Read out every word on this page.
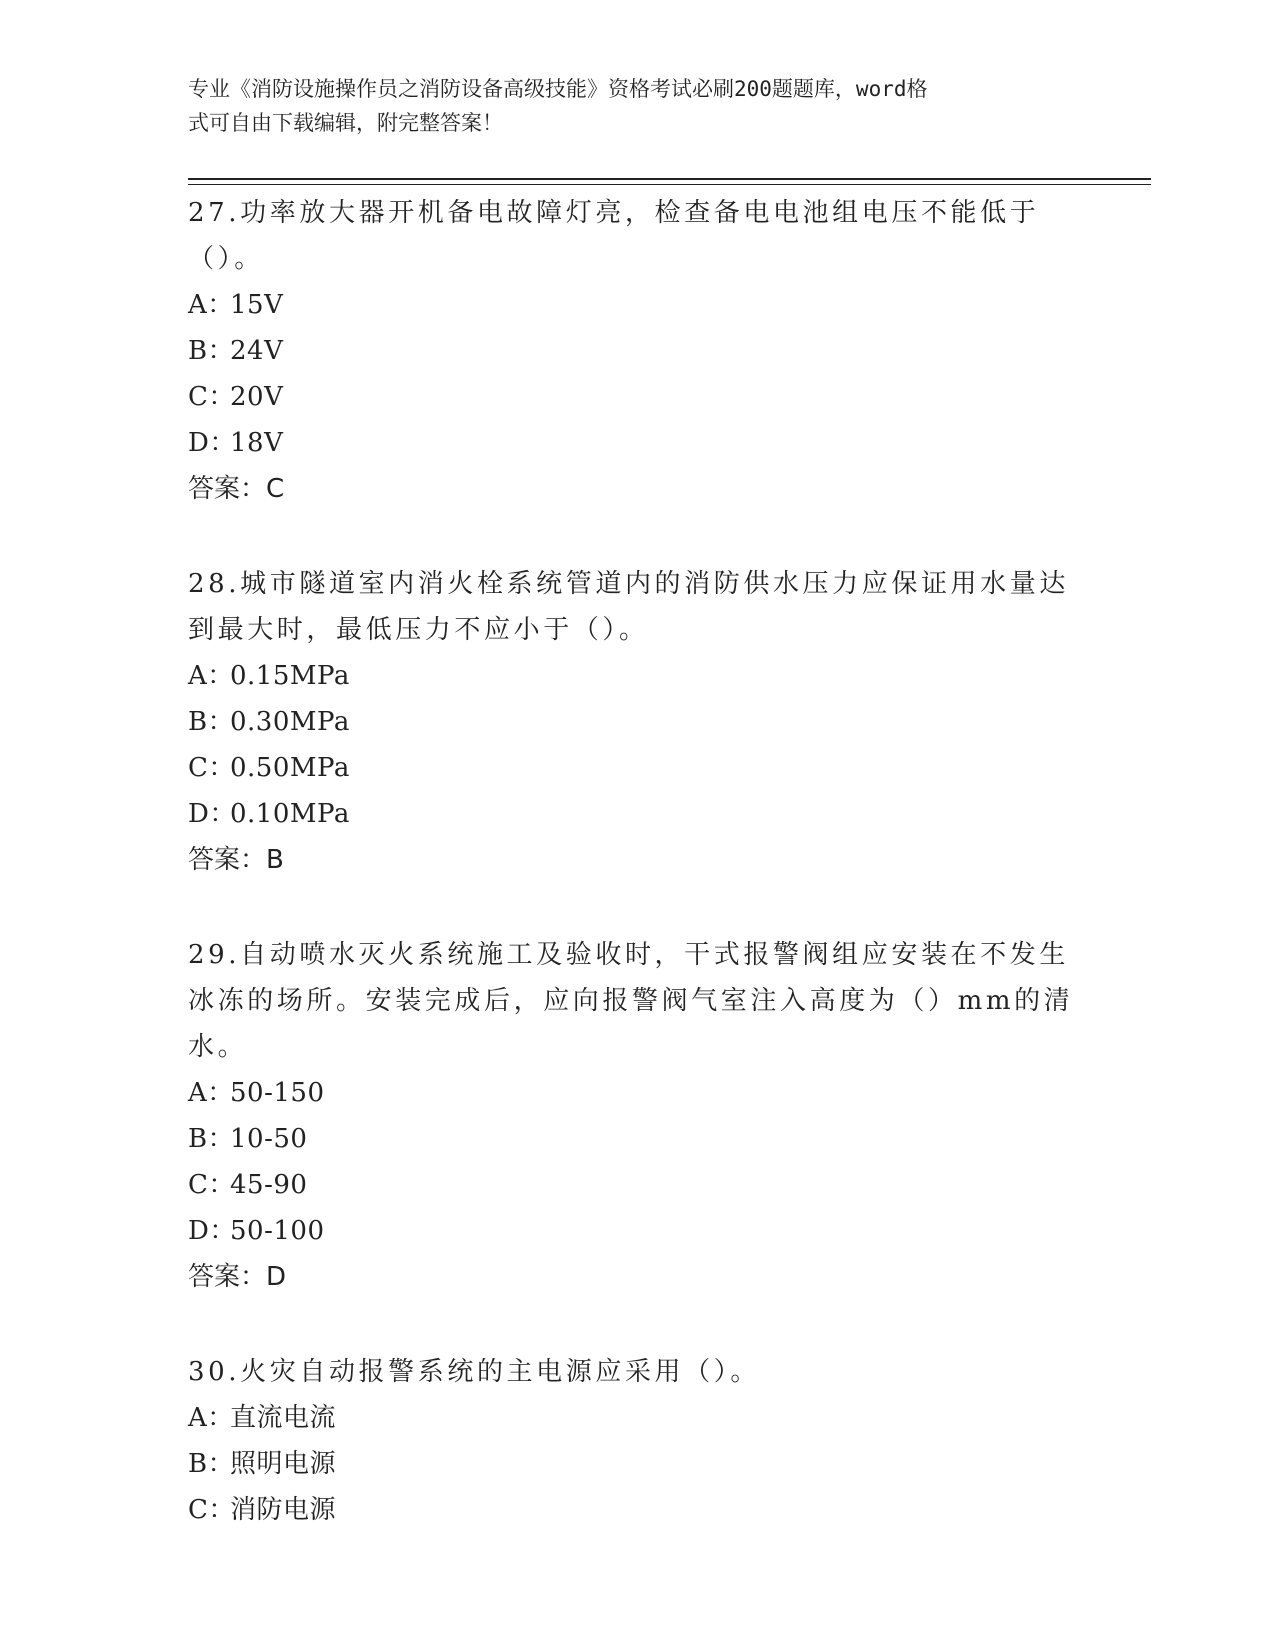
专业《消防设施操作员之消防设备高级技能》资格考试必刷200题题库，word格
式可自由下载编辑，附完整答案！

27.功率放大器开机备电故障灯亮，检查备电电池组电压不能低于（）。

A：15V

B：24V

C：20V

D：18V

答案：C

28.城市隧道室内消火栓系统管道内的消防供水压力应保证用水量达到最大时，最低压力不应小于（）。

A：0.15MPa

B：0.30MPa

C：0.50MPa

D：0.10MPa

答案：B

29.自动喷水灭火系统施工及验收时，干式报警阀组应安装在不发生冰冻的场所。安装完成后，应向报警阀气室注入高度为（）mm的清水。

A：50-150

B：10-50

C：45-90

D：50-100

答案：D

30.火灾自动报警系统的主电源应采用（）。

A：直流电流

B：照明电源

C：消防电源
